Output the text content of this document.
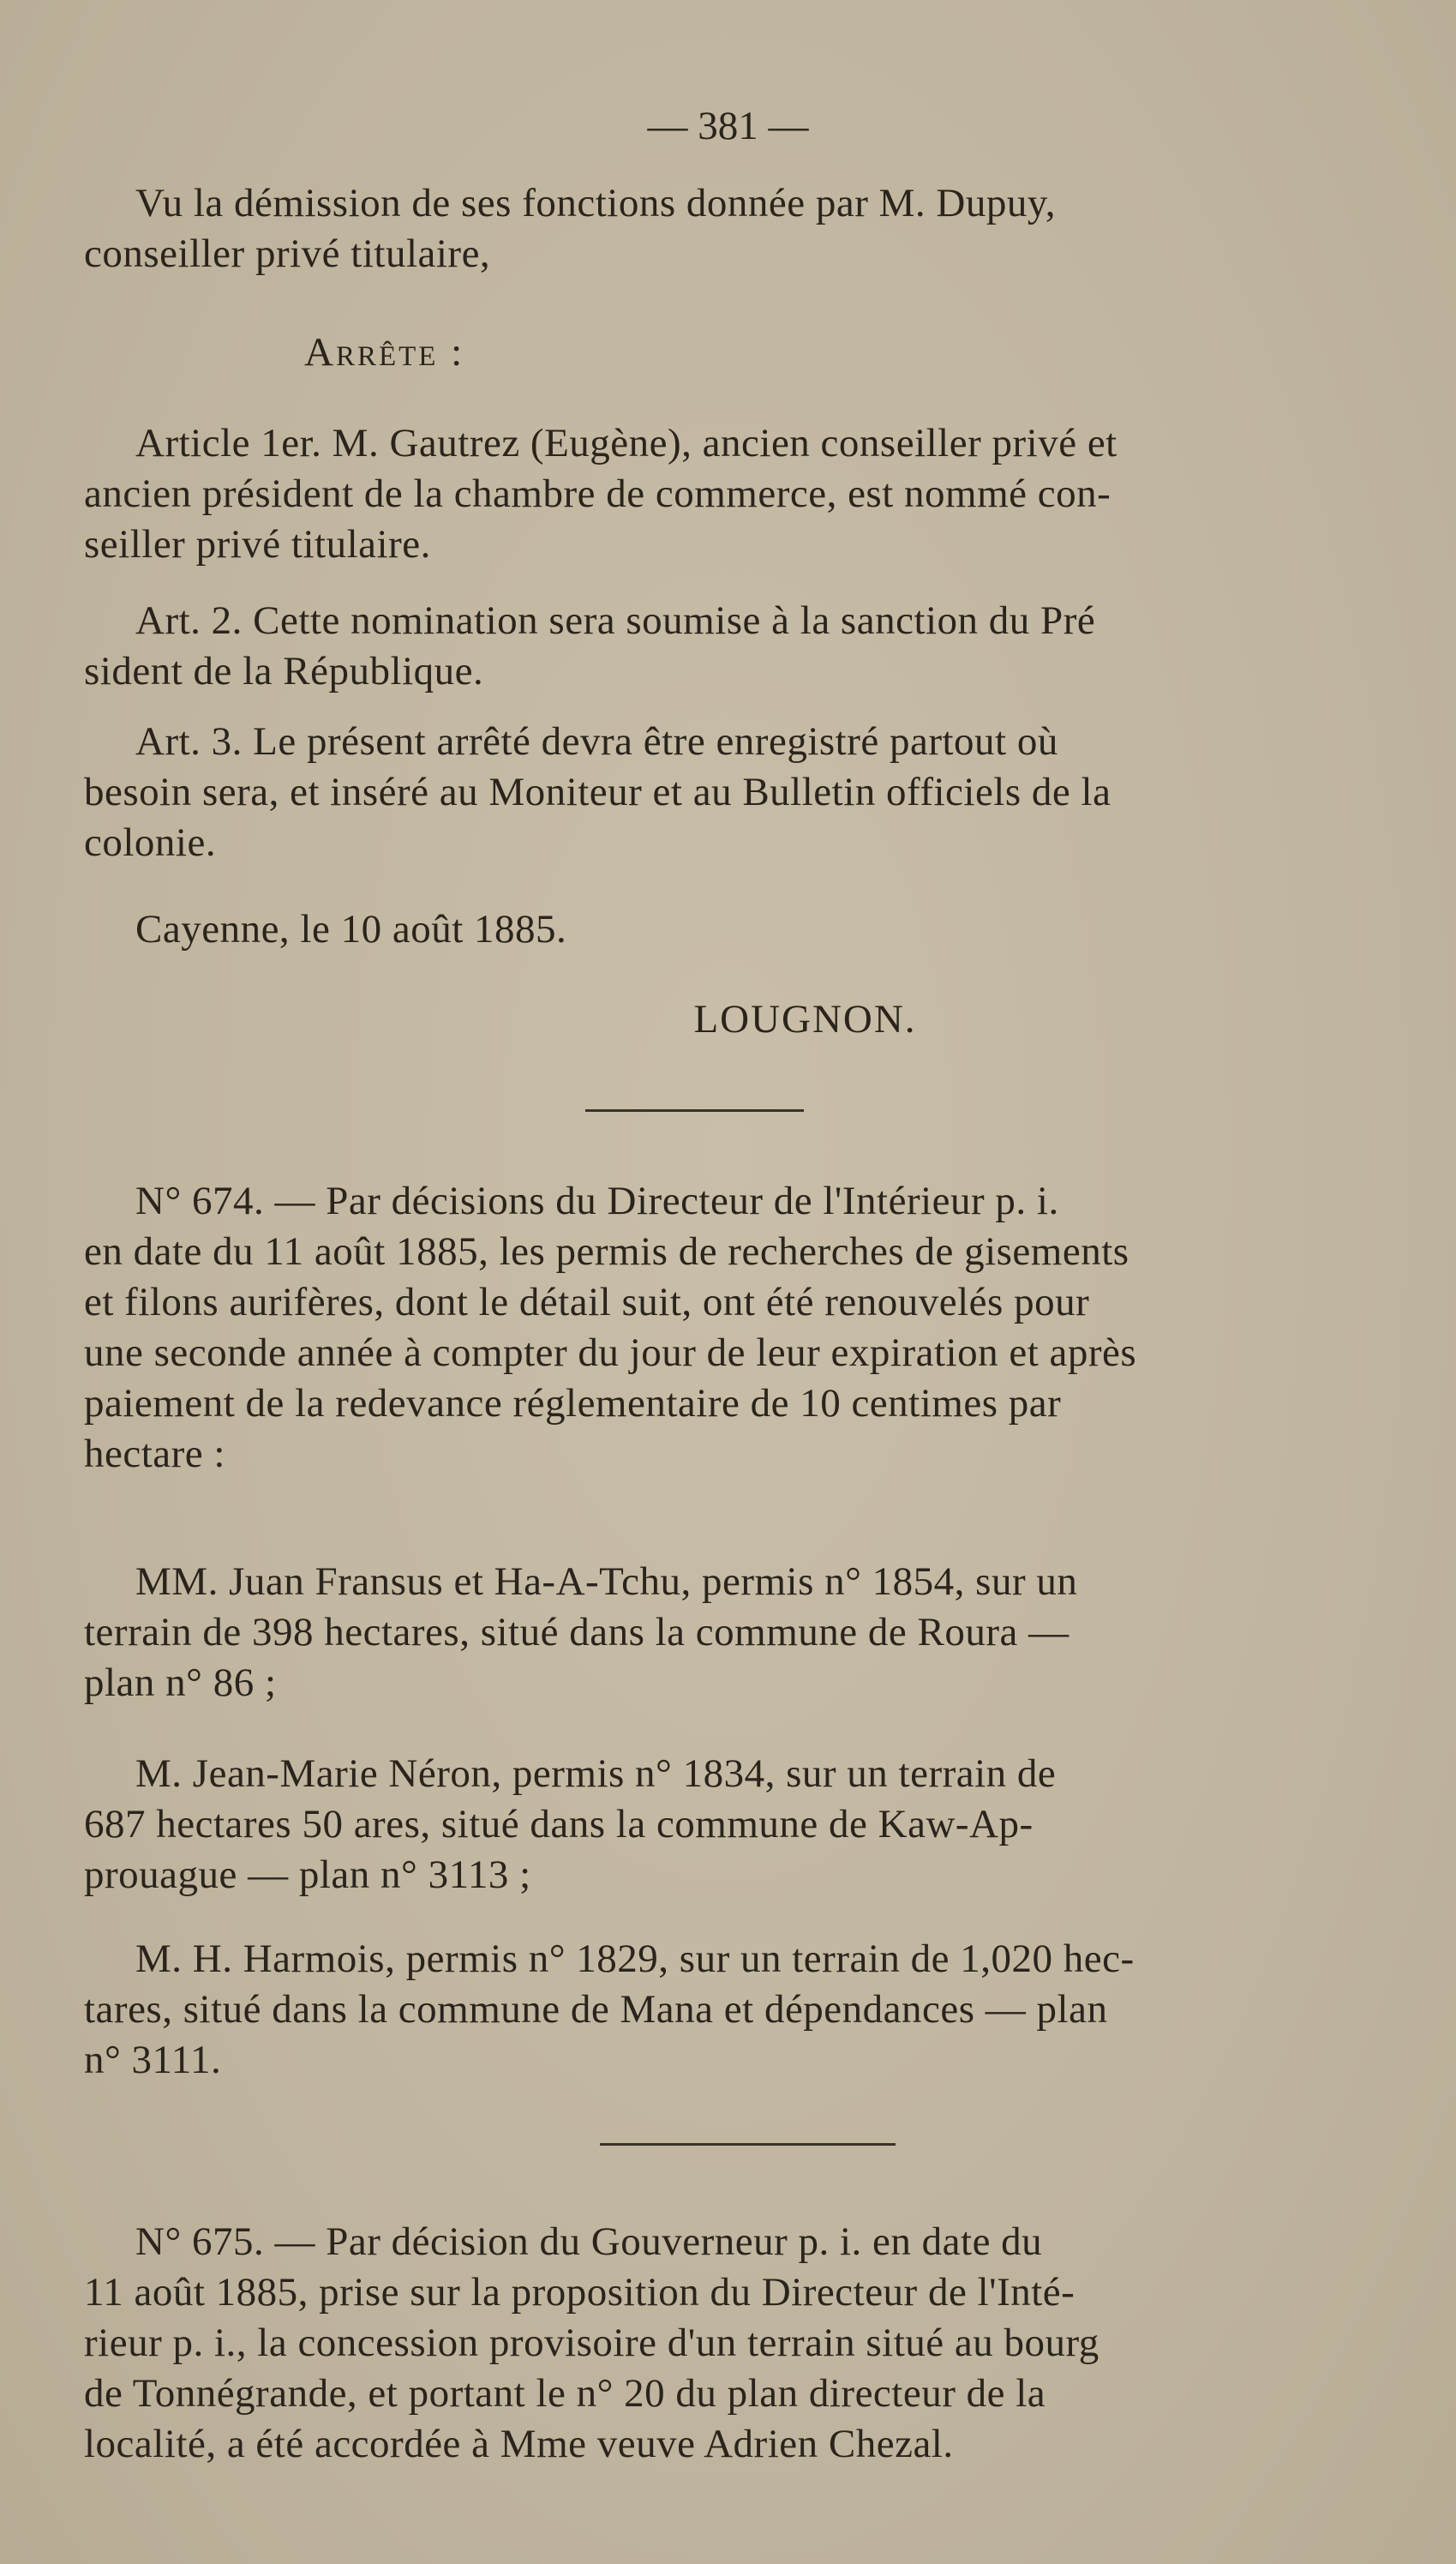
— 381 —
Vu la démission de ses fonctions donnée par M. Dupuy,
conseiller privé titulaire,
Arrête :
Article 1er. M. Gautrez (Eugène), ancien conseiller privé et
ancien président de la chambre de commerce, est nommé con-
seiller privé titulaire.
Art. 2. Cette nomination sera soumise à la sanction du Pré
sident de la République.
Art. 3. Le présent arrêté devra être enregistré partout où
besoin sera, et inséré au Moniteur et au Bulletin officiels de la
colonie.
Cayenne, le 10 août 1885.
LOUGNON.
N° 674. — Par décisions du Directeur de l'Intérieur p. i.
en date du 11 août 1885, les permis de recherches de gisements
et filons aurifères, dont le détail suit, ont été renouvelés pour
une seconde année à compter du jour de leur expiration et après
paiement de la redevance réglementaire de 10 centimes par
hectare :
MM. Juan Fransus et Ha-A-Tchu, permis n° 1854, sur un
terrain de 398 hectares, situé dans la commune de Roura —
plan n° 86 ;
M. Jean-Marie Néron, permis n° 1834, sur un terrain de
687 hectares 50 ares, situé dans la commune de Kaw-Ap-
prouague — plan n° 3113 ;
M. H. Harmois, permis n° 1829, sur un terrain de 1,020 hec-
tares, situé dans la commune de Mana et dépendances — plan
n° 3111.
N° 675. — Par décision du Gouverneur p. i. en date du
11 août 1885, prise sur la proposition du Directeur de l'Inté-
rieur p. i., la concession provisoire d'un terrain situé au bourg
de Tonnégrande, et portant le n° 20 du plan directeur de la
localité, a été accordée à Mme veuve Adrien Chezal.
